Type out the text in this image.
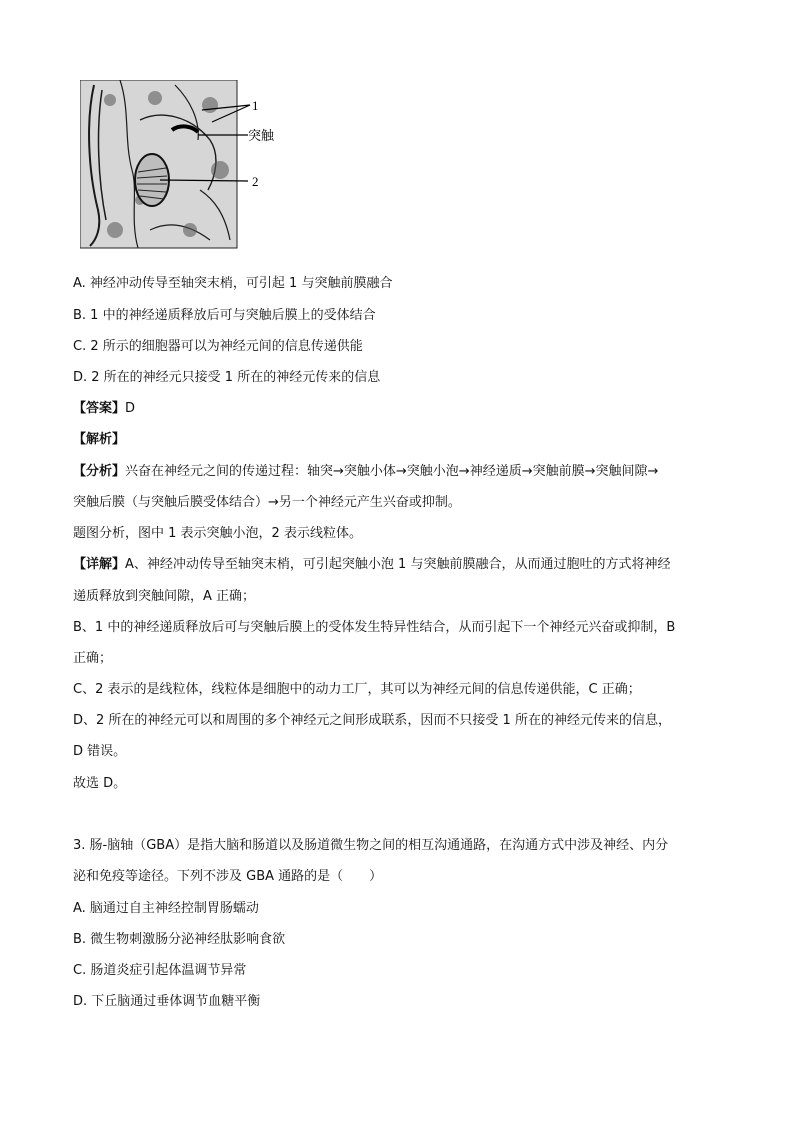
1
突触
2
A. 神经冲动传导至轴突末梢，可引起 1 与突触前膜融合
B. 1 中的神经递质释放后可与突触后膜上的受体结合
C. 2 所示的细胞器可以为神经元间的信息传递供能
D. 2 所在的神经元只接受 1 所在的神经元传来的信息
【答案】D
【解析】
【分析】兴奋在神经元之间的传递过程：轴突→突触小体→突触小泡→神经递质→突触前膜→突触间隙→
突触后膜（与突触后膜受体结合）→另一个神经元产生兴奋或抑制。
题图分析，图中 1 表示突触小泡，2 表示线粒体。
【详解】A、神经冲动传导至轴突末梢，可引起突触小泡 1 与突触前膜融合，从而通过胞吐的方式将神经
递质释放到突触间隙，A 正确；
B、1 中的神经递质释放后可与突触后膜上的受体发生特异性结合，从而引起下一个神经元兴奋或抑制，B
正确；
C、2 表示的是线粒体，线粒体是细胞中的动力工厂，其可以为神经元间的信息传递供能，C 正确；
D、2 所在的神经元可以和周围的多个神经元之间形成联系，因而不只接受 1 所在的神经元传来的信息，
D 错误。
故选 D。
3. 肠-脑轴（GBA）是指大脑和肠道以及肠道微生物之间的相互沟通通路，在沟通方式中涉及神经、内分
泌和免疫等途径。下列不涉及 GBA 通路的是（　　）
A. 脑通过自主神经控制胃肠蠕动
B. 微生物刺激肠分泌神经肽影响食欲
C. 肠道炎症引起体温调节异常
D. 下丘脑通过垂体调节血糖平衡
